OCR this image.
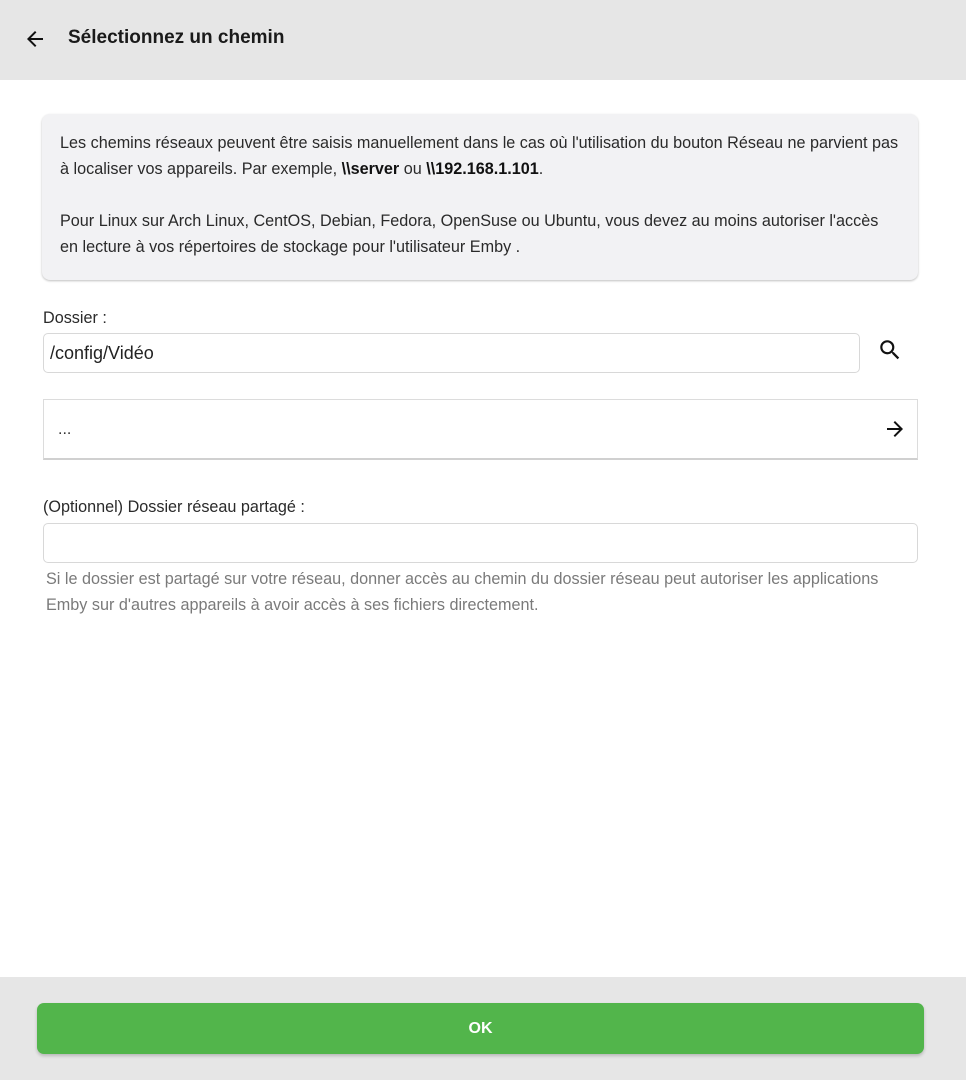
Sélectionnez un chemin

Les chemins réseaux peuvent être saisis manuellement dans le cas où l'utilisation du bouton Réseau ne parvient pas à localiser vos appareils. Par exemple, \\server ou \\192.168.1.101.

Pour Linux sur Arch Linux, CentOS, Debian, Fedora, OpenSuse ou Ubuntu, vous devez au moins autoriser l'accès en lecture à vos répertoires de stockage pour l'utilisateur Emby .

Dossier :
/config/Vidéo
...
(Optionnel) Dossier réseau partagé :
Si le dossier est partagé sur votre réseau, donner accès au chemin du dossier réseau peut autoriser les applications Emby sur d'autres appareils à avoir accès à ses fichiers directement.
OK
